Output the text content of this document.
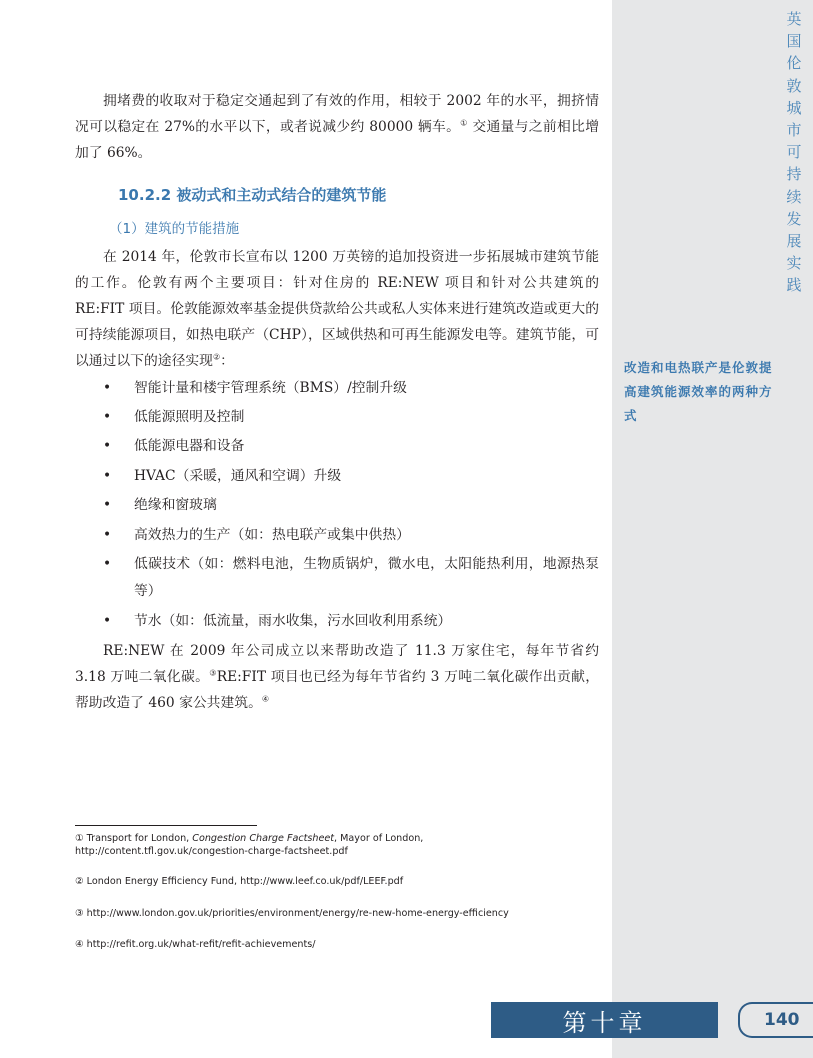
英
国
伦
敦
城
市
可
持
续
发
展
实
践
改造和电热联产是伦敦提高建筑能源效率的两种方式

拥堵费的收取对于稳定交通起到了有效的作用，相较于 2002 年的水平，拥挤情况可以稳定在 27%的水平以下，或者说减少约 80000 辆车。① 交通量与之前相比增加了 66%。

10.2.2 被动式和主动式结合的建筑节能
（1）建筑的节能措施

在 2014 年，伦敦市长宣布以 1200 万英镑的追加投资进一步拓展城市建筑节能的工作。伦敦有两个主要项目：针对住房的 RE:NEW 项目和针对公共建筑的 RE:FIT 项目。伦敦能源效率基金提供贷款给公共或私人实体来进行建筑改造或更大的可持续能源项目，如热电联产（CHP），区域供热和可再生能源发电等。建筑节能，可以通过以下的途径实现②：

• 智能计量和楼宇管理系统（BMS）/控制升级
• 低能源照明及控制
• 低能源电器和设备
• HVAC（采暖，通风和空调）升级
• 绝缘和窗玻璃
• 高效热力的生产（如：热电联产或集中供热）
• 低碳技术（如：燃料电池，生物质锅炉，微水电，太阳能热利用，地源热泵等）
• 节水（如：低流量，雨水收集，污水回收利用系统）

RE:NEW 在 2009 年公司成立以来帮助改造了 11.3 万家住宅，每年节省约 3.18 万吨二氧化碳。③RE:FIT 项目也已经为每年节省约 3 万吨二氧化碳作出贡献，帮助改造了 460 家公共建筑。④

① Transport for London, Congestion Charge Factsheet, Mayor of London,
http://content.tfl.gov.uk/congestion-charge-factsheet.pdf
② London Energy Efficiency Fund, http://www.leef.co.uk/pdf/LEEF.pdf
③ http://www.london.gov.uk/priorities/environment/energy/re-new-home-energy-efficiency
④ http://refit.org.uk/what-refit/refit-achievements/
第十章	140
